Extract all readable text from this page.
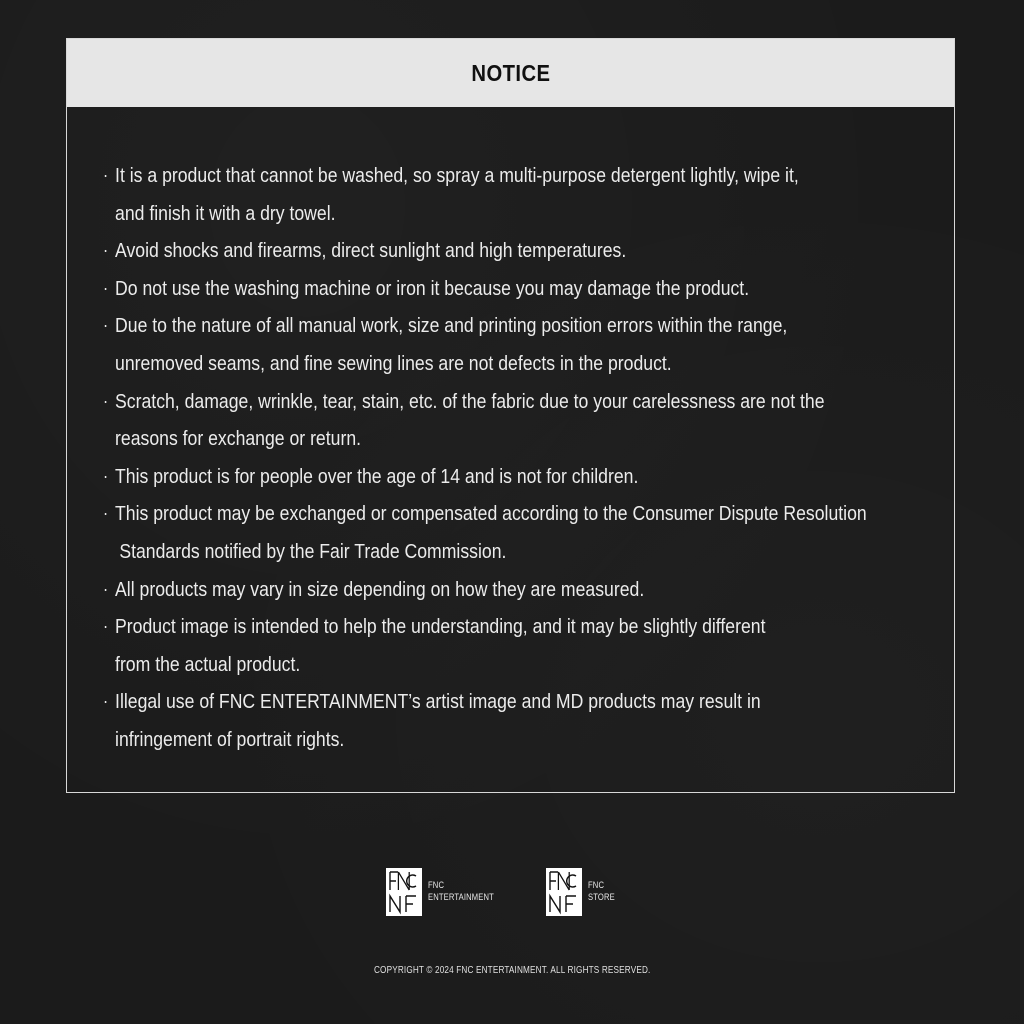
NOTICE
· It is a product that cannot be washed, so spray a multi-purpose detergent lightly, wipe it,
and finish it with a dry towel.
· Avoid shocks and firearms, direct sunlight and high temperatures.
· Do not use the washing machine or iron it because you may damage the product.
· Due to the nature of all manual work, size and printing position errors within the range,
unremoved seams, and fine sewing lines are not defects in the product.
· Scratch, damage, wrinkle, tear, stain, etc. of the fabric due to your carelessness are not the
reasons for exchange or return.
· This product is for people over the age of 14 and is not for children.
· This product may be exchanged or compensated according to the Consumer Dispute Resolution
Standards notified by the Fair Trade Commission.
· All products may vary in size depending on how they are measured.
· Product image is intended to help the understanding, and it may be slightly different
from the actual product.
· Illegal use of FNC ENTERTAINMENT’s artist image and MD products may result in
infringement of portrait rights.
FNC
ENTERTAINMENT
FNC
STORE
COPYRIGHT © 2024 FNC ENTERTAINMENT. ALL RIGHTS RESERVED.
